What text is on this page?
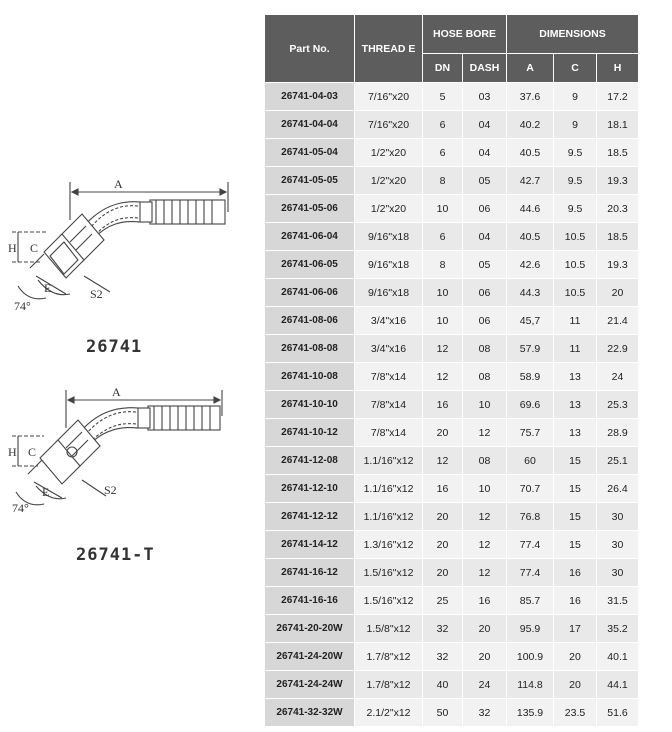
A
H C
E	S2
74°
26741
A
H C
E	S2
74°
26741-T
Part No.	THREAD E	HOSE BORE		DIMENSIONS		
		DN	DASH	A	C	H
26741-04-03	7/16"x20	5	03	37.6	9	17.2
26741-04-04	7/16"x20	6	04	40.2	9	18.1
26741-05-04	1/2"x20	6	04	40.5	9.5	18.5
26741-05-05	1/2"x20	8	05	42.7	9.5	19.3
26741-05-06	1/2"x20	10	06	44.6	9.5	20.3
26741-06-04	9/16"x18	6	04	40.5	10.5	18.5
26741-06-05	9/16"x18	8	05	42.6	10.5	19.3
26741-06-06	9/16"x18	10	06	44.3	10.5	20
26741-08-06	3/4"x16	10	06	45,7	11	21.4
26741-08-08	3/4"x16	12	08	57.9	11	22.9
26741-10-08	7/8"x14	12	08	58.9	13	24
26741-10-10	7/8"x14	16	10	69.6	13	25.3
26741-10-12	7/8"x14	20	12	75.7	13	28.9
26741-12-08	1.1/16"x12	12	08	60	15	25.1
26741-12-10	1.1/16"x12	16	10	70.7	15	26.4
26741-12-12	1.1/16"x12	20	12	76.8	15	30
26741-14-12	1.3/16"x12	20	12	77.4	15	30
26741-16-12	1.5/16"x12	20	12	77.4	16	30
26741-16-16	1.5/16"x12	25	16	85.7	16	31.5
26741-20-20W	1.5/8"x12	32	20	95.9	17	35.2
26741-24-20W	1.7/8"x12	32	20	100.9	20	40.1
26741-24-24W	1.7/8"x12	40	24	114.8	20	44.1
26741-32-32W	2.1/2"x12	50	32	135.9	23.5	51.6
